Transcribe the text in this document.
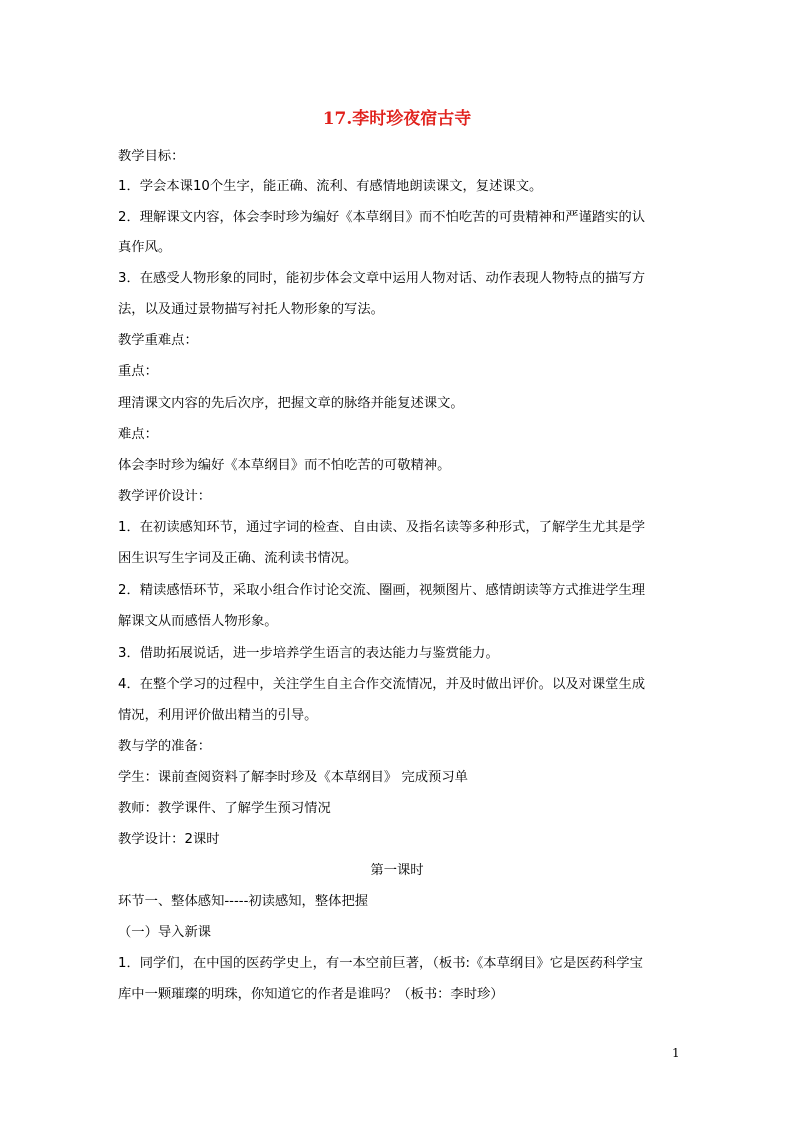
17.李时珍夜宿古寺
教学目标：
1．学会本课10个生字，能正确、流利、有感情地朗读课文，复述课文。
2．理解课文内容，体会李时珍为编好《本草纲目》而不怕吃苦的可贵精神和严谨踏实的认
真作风。
3．在感受人物形象的同时，能初步体会文章中运用人物对话、动作表现人物特点的描写方
法，以及通过景物描写衬托人物形象的写法。
教学重难点：
重点：
理清课文内容的先后次序，把握文章的脉络并能复述课文。
难点：
体会李时珍为编好《本草纲目》而不怕吃苦的可敬精神。
教学评价设计：
1．在初读感知环节，通过字词的检查、自由读、及指名读等多种形式，了解学生尤其是学
困生识写生字词及正确、流利读书情况。
2．精读感悟环节，采取小组合作讨论交流、圈画，视频图片、感情朗读等方式推进学生理
解课文从而感悟人物形象。
3．借助拓展说话，进一步培养学生语言的表达能力与鉴赏能力。
4．在整个学习的过程中，关注学生自主合作交流情况，并及时做出评价。以及对课堂生成
情况，利用评价做出精当的引导。
教与学的准备：
学生：课前查阅资料了解李时珍及《本草纲目》 完成预习单
教师：教学课件、了解学生预习情况
教学设计：2课时
第一课时
环节一、整体感知-----初读感知，整体把握
（一）导入新课
1．同学们，在中国的医药学史上，有一本空前巨著，（板书:《本草纲目》它是医药科学宝
库中一颗璀璨的明珠，你知道它的作者是谁吗？（板书：李时珍）
1
